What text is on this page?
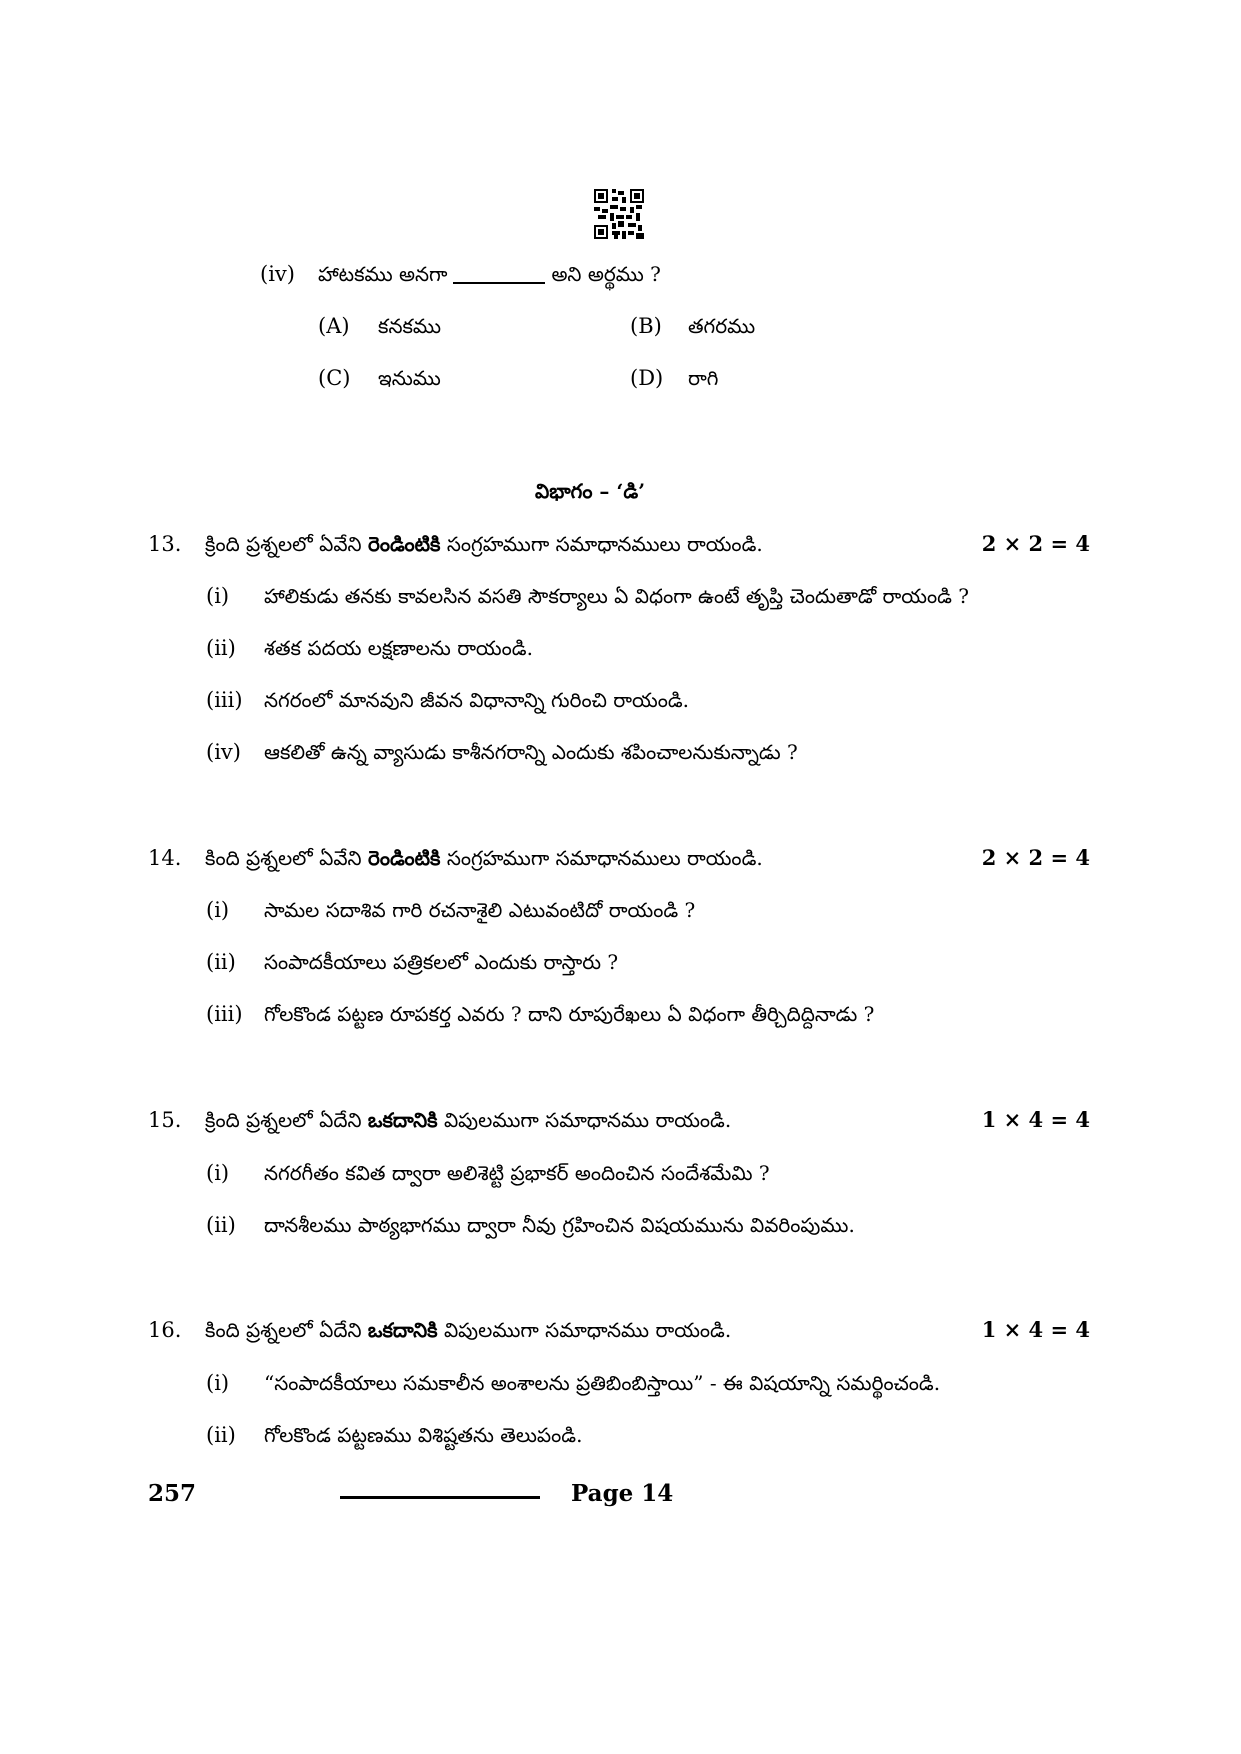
(iv) హాటకము అనగా	అని అర్థము ?
(A) కనకము	(B) తగరము
(C) ఇనుము	(D) రాగి
విభాగం – ‘డి’
13. క్రింది ప్రశ్నలలో ఏవేని రెండింటికి సంగ్రహముగా సమాధానములు రాయండి.	2 × 2 = 4
(i) హాలికుడు తనకు కావలసిన వసతి సౌకర్యాలు ఏ విధంగా ఉంటే తృప్తి చెందుతాడో రాయండి ?
(ii) శతక పదయ లక్షణాలను రాయండి.
(iii) నగరంలో మానవుని జీవన విధానాన్ని గురించి రాయండి.
(iv) ఆకలితో ఉన్న వ్యాసుడు కాశీనగరాన్ని ఎందుకు శపించాలనుకున్నాడు ?
14. కింది ప్రశ్నలలో ఏవేని రెండింటికి సంగ్రహముగా సమాధానములు రాయండి.	2 × 2 = 4
(i) సామల సదాశివ గారి రచనాశైలి ఎటువంటిదో రాయండి ?
(ii) సంపాదకీయాలు పత్రికలలో ఎందుకు రాస్తారు ?
(iii) గోలకొండ పట్టణ రూపకర్త ఎవరు ? దాని రూపురేఖలు ఏ విధంగా తీర్చిదిద్దినాడు ?
15. క్రింది ప్రశ్నలలో ఏదేని ఒకదానికి విపులముగా సమాధానము రాయండి.	1 × 4 = 4
(i) నగరగీతం కవిత ద్వారా అలిశెట్టి ప్రభాకర్ అందించిన సందేశమేమి ?
(ii) దానశీలము పాఠ్యభాగము ద్వారా నీవు గ్రహించిన విషయమును వివరింపుము.
16. కింది ప్రశ్నలలో ఏదేని ఒకదానికి విపులముగా సమాధానము రాయండి.	1 × 4 = 4
(i) “సంపాదకీయాలు సమకాలీన అంశాలను ప్రతిబింబిస్తాయి” - ఈ విషయాన్ని సమర్థించండి.
(ii) గోలకొండ పట్టణము విశిష్టతను తెలుపండి.
257	Page 14
